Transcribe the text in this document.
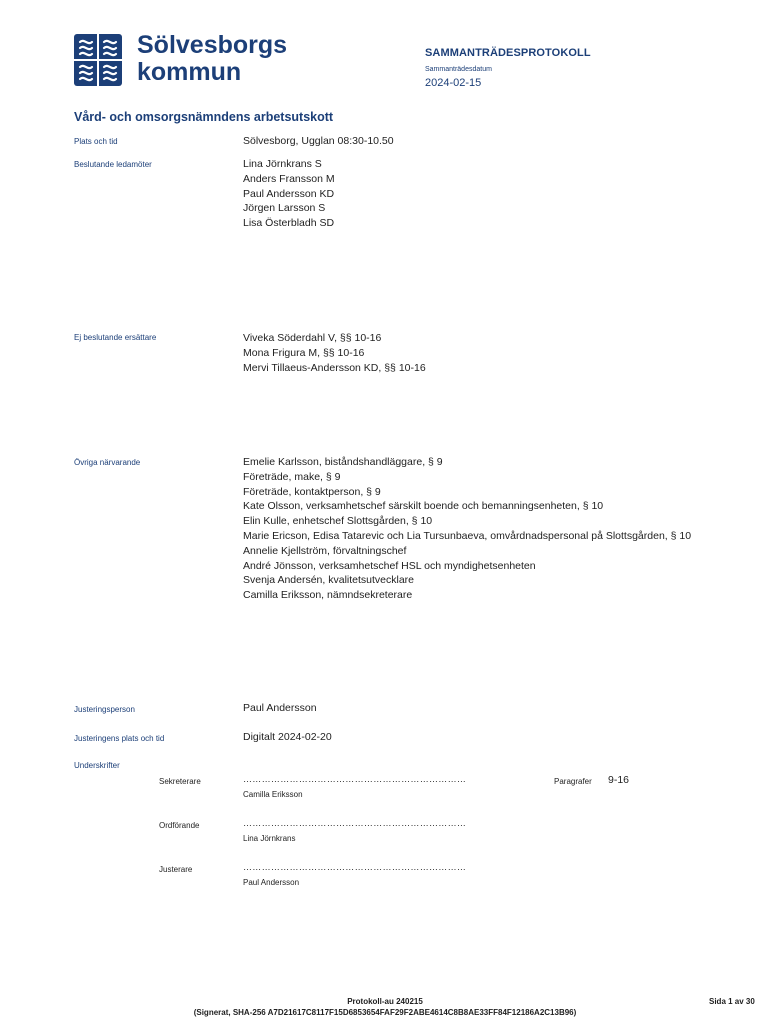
Sölvesborgs
kommun
SAMMANTRÄDESPROTOKOLL
Sammanträdesdatum
2024-02-15
Vård- och omsorgsnämndens arbetsutskott
Plats och tid	Sölvesborg, Ugglan 08:30-10.50
Beslutande ledamöter	Lina Jörnkrans S
Anders Fransson M
Paul Andersson KD
Jörgen Larsson S
Lisa Österbladh SD
Ej beslutande ersättare	Viveka Söderdahl V, §§ 10-16
Mona Frigura M, §§ 10-16
Mervi Tillaeus-Andersson KD, §§ 10-16
Övriga närvarande	Emelie Karlsson, biståndshandläggare, § 9
Företräde, make, § 9
Företräde, kontaktperson, § 9
Kate Olsson, verksamhetschef särskilt boende och bemanningsenheten, § 10
Elin Kulle, enhetschef Slottsgården, § 10
Marie Ericson, Edisa Tatarevic och Lia Tursunbaeva, omvårdnadspersonal på Slottsgården, § 10
Annelie Kjellström, förvaltningschef
André Jönsson, verksamhetschef HSL och myndighetsenheten
Svenja Andersén, kvalitetsutvecklare
Camilla Eriksson, nämndsekreterare
Justeringsperson	Paul Andersson
Justeringens plats och tid	Digitalt 2024-02-20
Underskrifter
Sekreterare	………………………………………………………………
Camilla Eriksson
Paragrafer 9-16
Ordförande	………………………………………………………………
Lina Jörnkrans
Justerare	………………………………………………………………
Paul Andersson
Protokoll-au 240215
(Signerat, SHA-256 A7D21617C8117F15D6853654FAF29F2ABE4614C8B8AE33FF84F12186A2C13B96)
Sida 1 av 30
